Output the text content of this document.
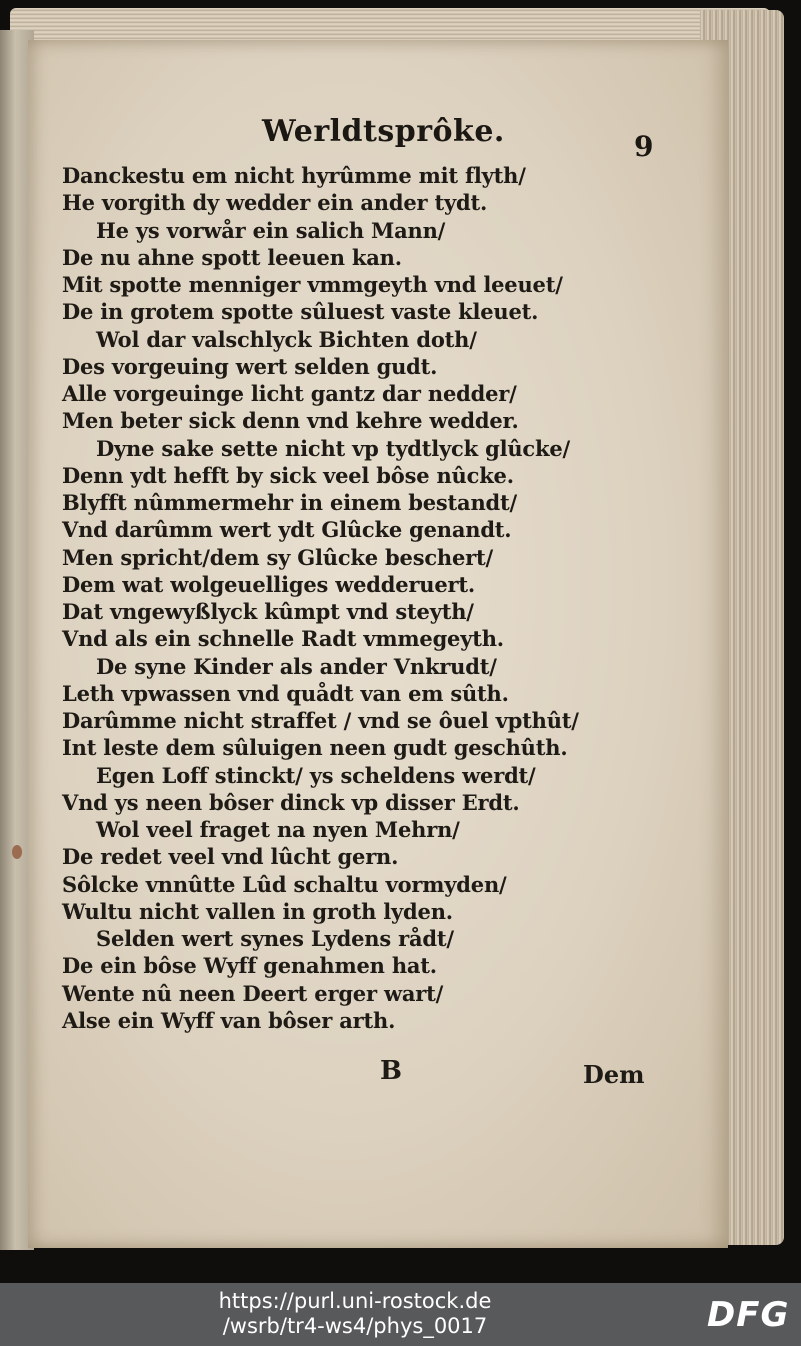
Werldtsprôke.	9
Danckestu em nicht hyrûmme mit flyth/
He vorgith dy wedder ein ander tydt.
He ys vorwår ein salich Mann/
De nu ahne spott leeuen kan.
Mit spotte menniger vmmgeyth vnd leeuet/
De in grotem spotte sûluest vaste kleuet.
Wol dar valschlyck Bichten doth/
Des vorgeuing wert selden gudt.
Alle vorgeuinge licht gantz dar nedder/
Men beter sick denn vnd kehre wedder.
Dyne sake sette nicht vp tydtlyck glûcke/
Denn ydt hefft by sick veel bôse nûcke.
Blyfft nûmmermehr in einem bestandt/
Vnd darûmm wert ydt Glûcke genandt.
Men spricht/dem sy Glûcke beschert/
Dem wat wolgeuelliges wedderuert.
Dat vngewyßlyck kûmpt vnd steyth/
Vnd als ein schnelle Radt vmmegeyth.
De syne Kinder als ander Vnkrudt/
Leth vpwassen vnd quådt van em sûth.
Darûmme nicht straffet / vnd se ôuel vpthût/
Int leste dem sûluigen neen gudt geschûth.
Egen Loff stinckt/ ys scheldens werdt/
Vnd ys neen bôser dinck vp disser Erdt.
Wol veel fraget na nyen Mehrn/
De redet veel vnd lûcht gern.
Sôlcke vnnûtte Lûd schaltu vormyden/
Wultu nicht vallen in groth lyden.
Selden wert synes Lydens rådt/
De ein bôse Wyff genahmen hat.
Wente nû neen Deert erger wart/
Alse ein Wyff van bôser arth.
B	Dem
https://purl.uni-rostock.de
/wsrb/tr4-ws4/phys_0017	DFG
